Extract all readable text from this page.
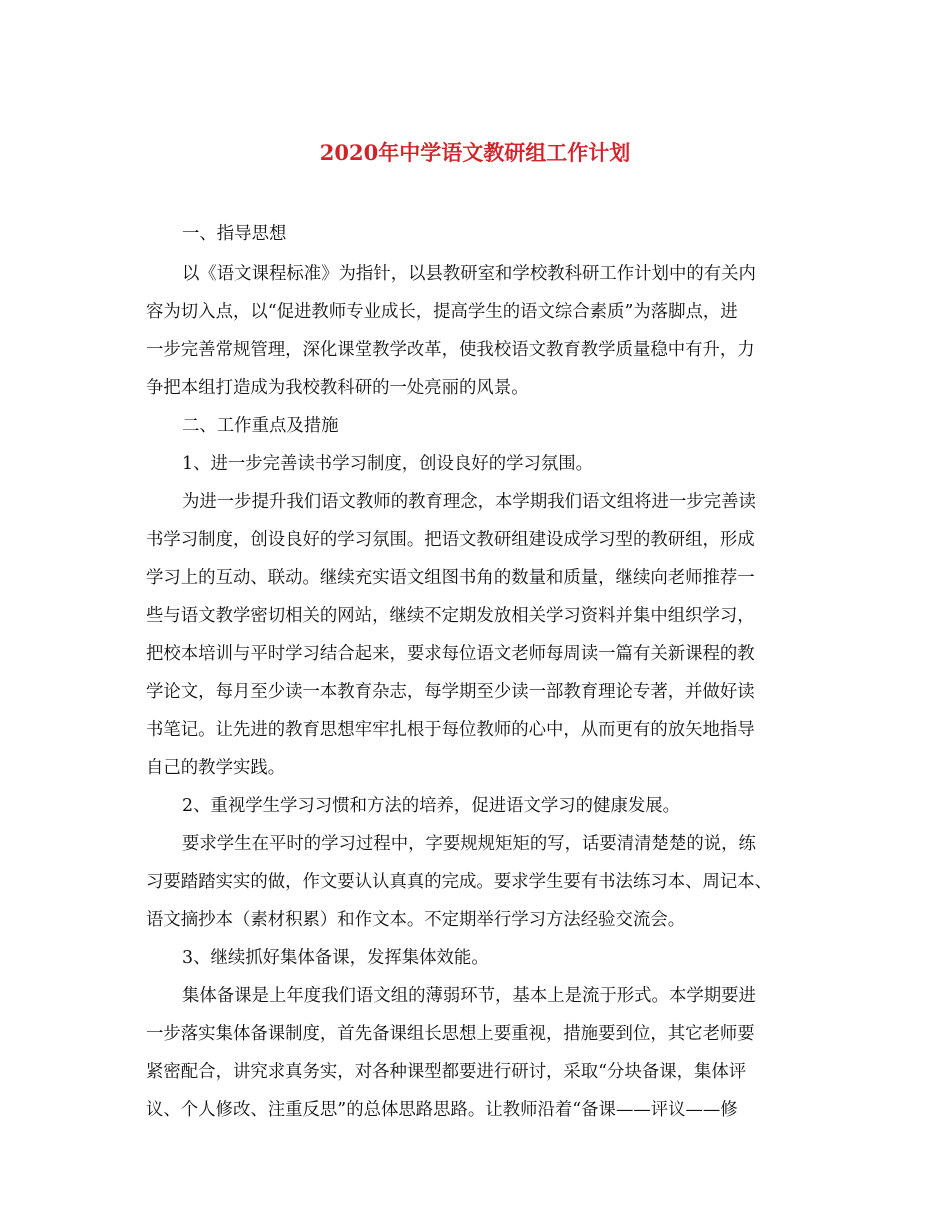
2020年中学语文教研组工作计划

一、指导思想

以《语文课程标准》为指针，以县教研室和学校教科研工作计划中的有关内

容为切入点，以“促进教师专业成长，提高学生的语文综合素质”为落脚点，进

一步完善常规管理，深化课堂教学改革，使我校语文教育教学质量稳中有升，力

争把本组打造成为我校教科研的一处亮丽的风景。

二、工作重点及措施

1、进一步完善读书学习制度，创设良好的学习氛围。

为进一步提升我们语文教师的教育理念，本学期我们语文组将进一步完善读

书学习制度，创设良好的学习氛围。把语文教研组建设成学习型的教研组，形成

学习上的互动、联动。继续充实语文组图书角的数量和质量，继续向老师推荐一

些与语文教学密切相关的网站，继续不定期发放相关学习资料并集中组织学习，

把校本培训与平时学习结合起来，要求每位语文老师每周读一篇有关新课程的教

学论文，每月至少读一本教育杂志，每学期至少读一部教育理论专著，并做好读

书笔记。让先进的教育思想牢牢扎根于每位教师的心中，从而更有的放矢地指导

自己的教学实践。

2、重视学生学习习惯和方法的培养，促进语文学习的健康发展。

要求学生在平时的学习过程中，字要规规矩矩的写，话要清清楚楚的说，练

习要踏踏实实的做，作文要认认真真的完成。要求学生要有书法练习本、周记本、

语文摘抄本（素材积累）和作文本。不定期举行学习方法经验交流会。

3、继续抓好集体备课，发挥集体效能。

集体备课是上年度我们语文组的薄弱环节，基本上是流于形式。本学期要进

一步落实集体备课制度，首先备课组长思想上要重视，措施要到位，其它老师要

紧密配合，讲究求真务实，对各种课型都要进行研讨，采取“分块备课，集体评

议、个人修改、注重反思”的总体思路思路。让教师沿着“备课——评议——修
